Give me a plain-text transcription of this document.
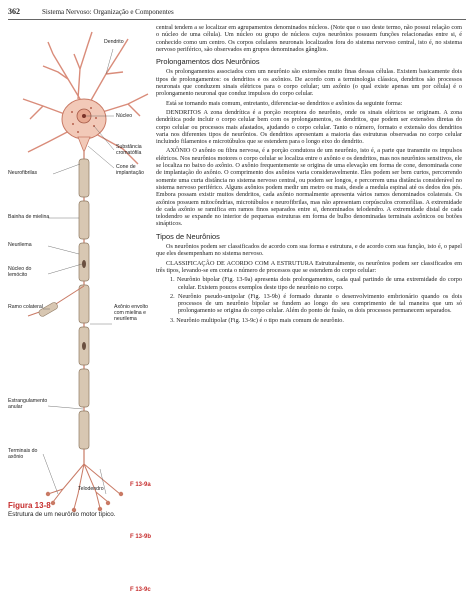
362	Sistema Nervoso: Organização e Componentes
Dendrito
Núcleo
Substância cromatófila
Cone de implantação
Neurofibrilas
Bainha de mielina
Neurilema
Núcleo do lemócito
Ramo colateral	Axônio envolto com mielina e neurilema
Estrangulamento anular
Terminais do axônio
Telodendro
F 13-9a
F 13-9b
F 13-9c
Figura 13-8
Estrutura de um neurônio motor típico.

central tendem a se localizar em agrupamentos denominados núcleos. (Note que o uso deste termo, não possui relação com o núcleo de uma célula). Um núcleo ou grupo de núcleos cujos neurônios possuem funções relacionadas entre si, é conhecido como um centro. Os corpos celulares neuronais localizados fora do sistema nervoso central, isto é, no sistema nervoso periférico, são observados em grupos denominados gânglios.

Prolongamentos dos Neurônios

Os prolongamentos associados com um neurônio são extensões muito finas dessas células. Existem basicamente dois tipos de prolongamentos: os dendritos e os axônios. De acordo com a terminologia clássica, dendritos são processos neuronais que conduzem sinais elétricos para o corpo celular; um axônio (o qual existe apenas um por célula) é o prolongamento neuronal que conduz impulsos do corpo celular.

Está se tornando mais comum, entretanto, diferenciar-se dendritos e axônios da seguinte forma:

DENDRITOS A zona dendrítica é a porção receptora do neurônio, onde os sinais elétricos se originam. A zona dendrítica pode incluir o corpo celular bem com os prolongamentos, os dendritos, que podem ser extensões diretas do corpo celular ou processos mais afastados, ajudando o corpo celular. Tanto o número, formato e extensão dos dendritos varia nos diferentes tipos de neurônios. Os dendritos apresentam a maioria das estruturas observadas no corpo celular incluindo filamentos e microtúbulos que se estendem para o longo eixo do dendrito.

AXÔNIO O axônio ou fibra nervosa, é a porção condutora de um neurônio, isto é, a parte que transmite os impulsos elétricos. Nos neurônios motores o corpo celular se localiza entre o axônio e os dendritos, mas nos neurônios sensitivos, ele se localiza no baixo do axônio. O axônio frequentemente se origina de uma elevação em forma de cone, denominada cone de implantação do axônio. O comprimento dos axônios varia consideravelmente. Eles podem ser bem curtos, percorrendo somente uma curta distância no sistema nervoso central, ou podem ser longos, e percorrem uma distância considerável no sistema nervoso periférico. Alguns axônios podem medir um metro ou mais, desde a medula espinal até os dedos dos pés. Embora possam existir muitos dendritos, cada axônio normalmente apresenta vários ramos denominados colaterais. Os axônios possuem mitocôndrias, microtúbulos e neurofibrilas, mas não apresentam corpúsculos cromofílias. A extremidade de cada axônio se ramifica em ramos finos separados entre si, denominados telodendro. A extremidade distal de cada telodendro se expande no interior de pequenas estruturas em forma de bulbo denominadas terminais axônicos ou botões sinápticos.

Tipos de Neurônios

Os neurônios podem ser classificados de acordo com sua forma e estrutura, e de acordo com sua função, isto é, o papel que eles desempenham no sistema nervoso.

CLASSIFICAÇÃO DE ACORDO COM A ESTRUTURA Estruturalmente, os neurônios podem ser classificados em três tipos, levando-se em conta o número de processos que se estendem do corpo celular:

1. Neurônio bipolar (Fig. 13-9a) apresenta dois prolongamentos, cada qual partindo de uma extremidade do corpo celular. Existem poucos exemplos deste tipo de neurônio no corpo.

2. Neurônio pseudo-unipolar (Fig. 13-9b) é formado durante o desenvolvimento embrionário quando os dois processos de um neurônio bipolar se fundem ao longo do seu comprimento de tal maneira que um só prolongamento se origina do corpo celular. Além do ponto de fusão, os dois processos permanecem separados.

3. Neurônio multipolar (Fig. 13-9c) é o tipo mais comum de neurônio.
